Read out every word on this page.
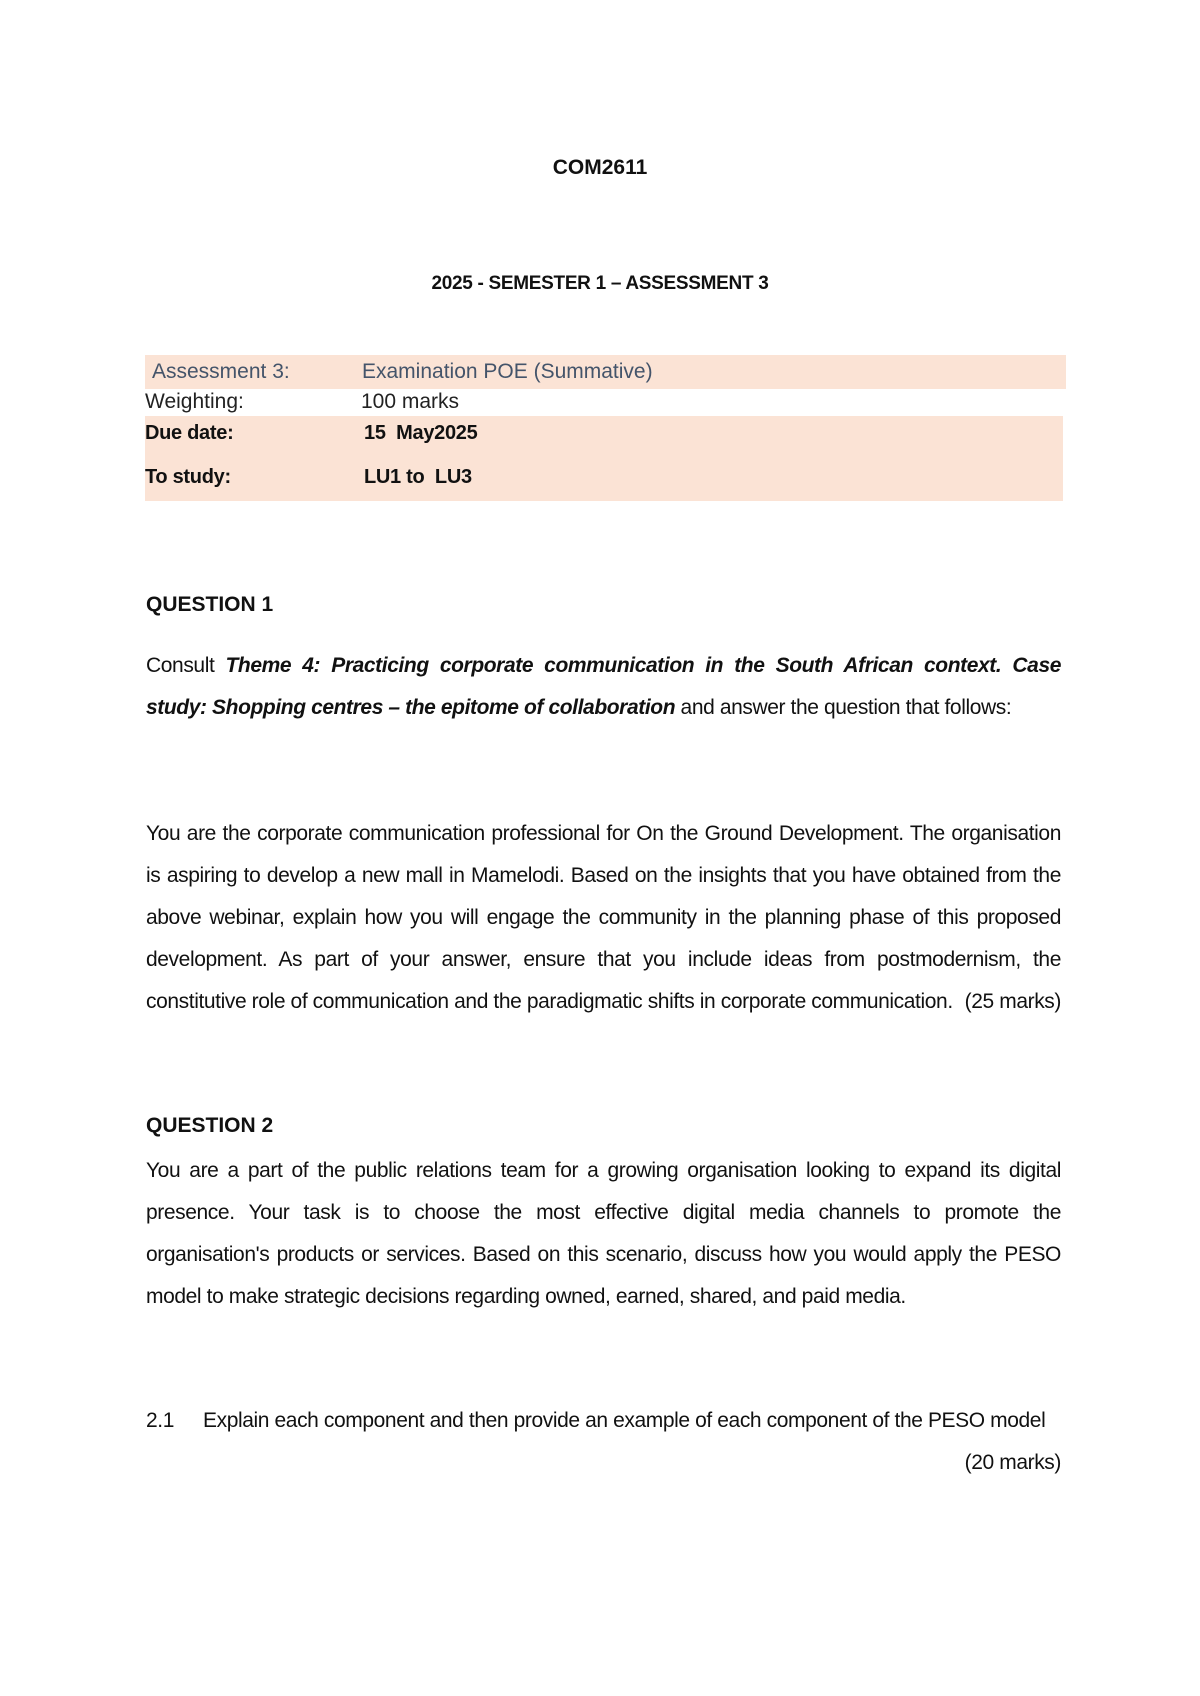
COM2611
2025 - SEMESTER 1 – ASSESSMENT 3
Assessment 3:	Examination POE (Summative)
Weighting:	100 marks
Due date:	15  May2025
To study:	LU1 to  LU3
QUESTION 1
Consult Theme 4: Practicing corporate communication in the South African context. Case study: Shopping centres – the epitome of collaboration and answer the question that follows:
You are the corporate communication professional for On the Ground Development. The organisation is aspiring to develop a new mall in Mamelodi. Based on the insights that you have obtained from the above webinar, explain how you will engage the community in the planning phase of this proposed development. As part of your answer, ensure that you include ideas from postmodernism, the constitutive role of communication and the paradigmatic shifts in corporate communication. (25 marks)
QUESTION 2
You are a part of the public relations team for a growing organisation looking to expand its digital presence. Your task is to choose the most effective digital media channels to promote the organisation's products or services. Based on this scenario, discuss how you would apply the PESO model to make strategic decisions regarding owned, earned, shared, and paid media.
2.1 Explain each component and then provide an example of each component of the PESO model
(20 marks)
